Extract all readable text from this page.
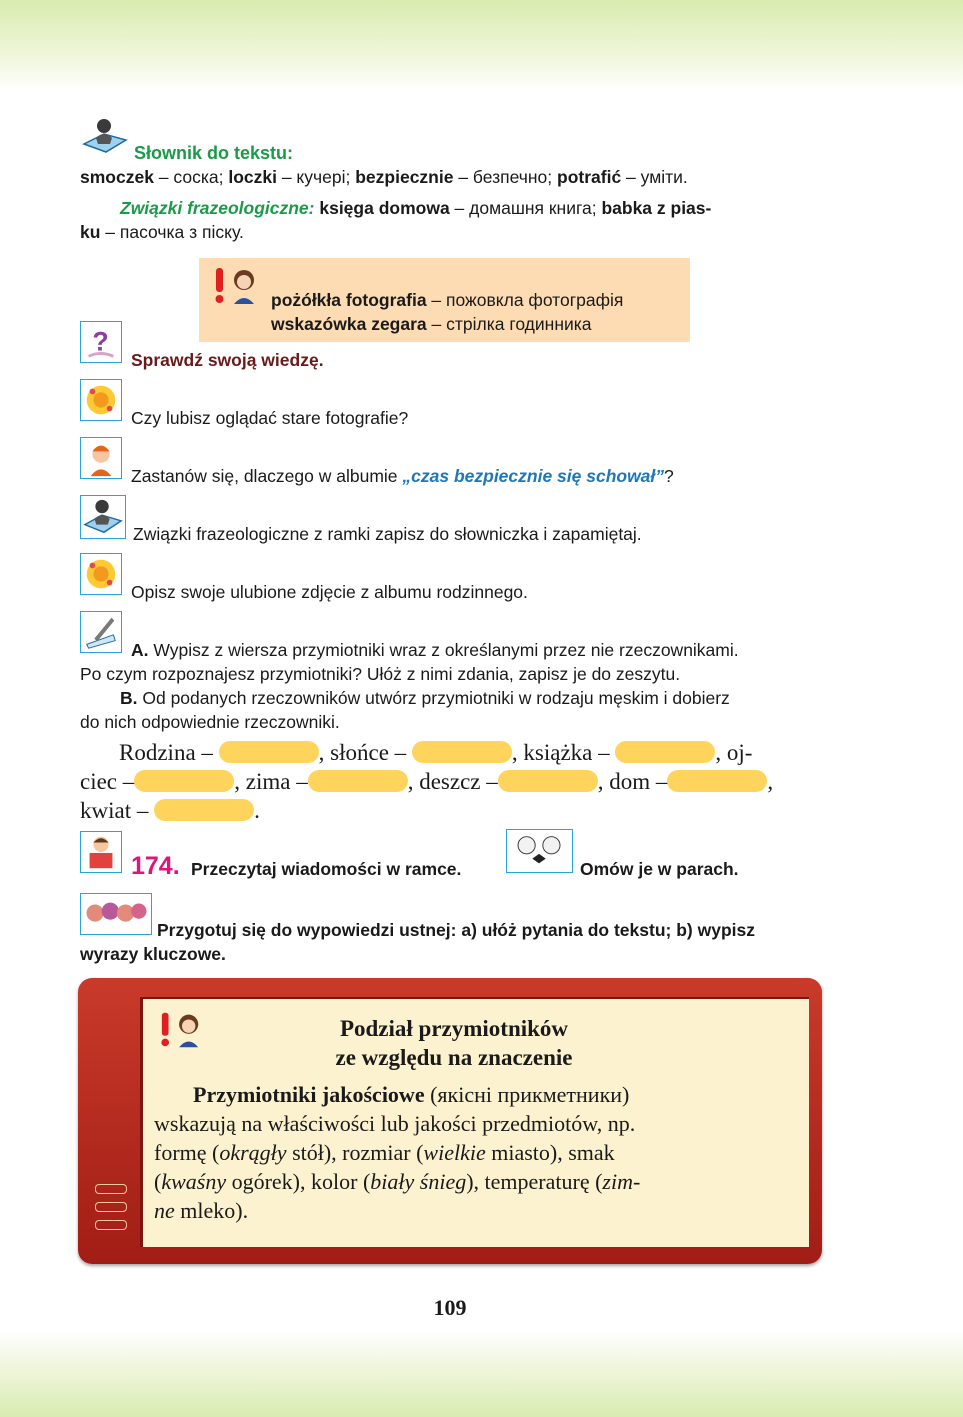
Słownik do tekstu:
smoczek – соска; loczki – кучері; bezpiecznie – безпечно; potrafić – уміти.
Związki frazeologiczne: księga domowa – домашня книга; babka z pias-
ku – пасочка з піску.
pożółkła fotografia – пожовкла фотографія
wskazówka zegara – стрілка годинника
?
Sprawdź swoją wiedzę.
Czy lubisz oglądać stare fotografie?
Zastanów się, dlaczego w albumie „czas bezpiecznie się schował”?
Związki frazeologiczne z ramki zapisz do słowniczka i zapamiętaj.
Opisz swoje ulubione zdjęcie z albumu rodzinnego.
A. Wypisz z wiersza przymiotniki wraz z określanymi przez nie rzeczownikami.
Po czym rozpoznajesz przymiotniki? Ułóż z nimi zdania, zapisz je do zeszytu.
B. Od podanych rzeczowników utwórz przymiotniki w rodzaju męskim i dobierz
do nich odpowiednie rzeczowniki.
Rodzina –	, słońce –	, książka –	, oj-
ciec –	, zima –	, deszcz –	, dom –	,
kwiat –	.
174. Przeczytaj wiadomości w ramce.	Omów je w parach.
Przygotuj się do wypowiedzi ustnej: a) ułóż pytania do tekstu; b) wypisz
wyrazy kluczowe.
Podział przymiotników
ze względu na znaczenie
Przymiotniki jakościowe (якісні прикметники)
wskazują na właściwości lub jakości przedmiotów, np.
formę (okrągły stół), rozmiar (wielkie miasto), smak
(kwaśny ogórek), kolor (biały śnieg), temperaturę (zim-
ne mleko).
109
